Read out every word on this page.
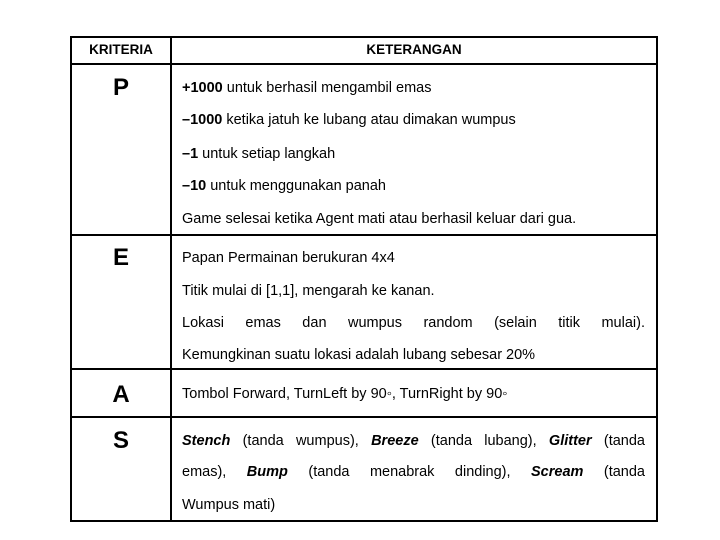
KRITERIA	KETERANGAN
P	+1000 untuk berhasil mengambil emas
–1000 ketika jatuh ke lubang atau dimakan wumpus
–1 untuk setiap langkah
–10 untuk menggunakan panah
Game selesai ketika Agent mati atau berhasil keluar dari gua.
E	Papan Permainan berukuran 4x4
Titik mulai di [1,1], mengarah ke kanan.
Lokasi emas dan wumpus random (selain titik mulai).
Kemungkinan suatu lokasi adalah lubang sebesar 20%
A	Tombol Forward, TurnLeft by 90◦, TurnRight by 90◦
S	Stench (tanda wumpus), Breeze (tanda lubang), Glitter (tanda
emas), Bump (tanda menabrak dinding), Scream (tanda
Wumpus mati)
